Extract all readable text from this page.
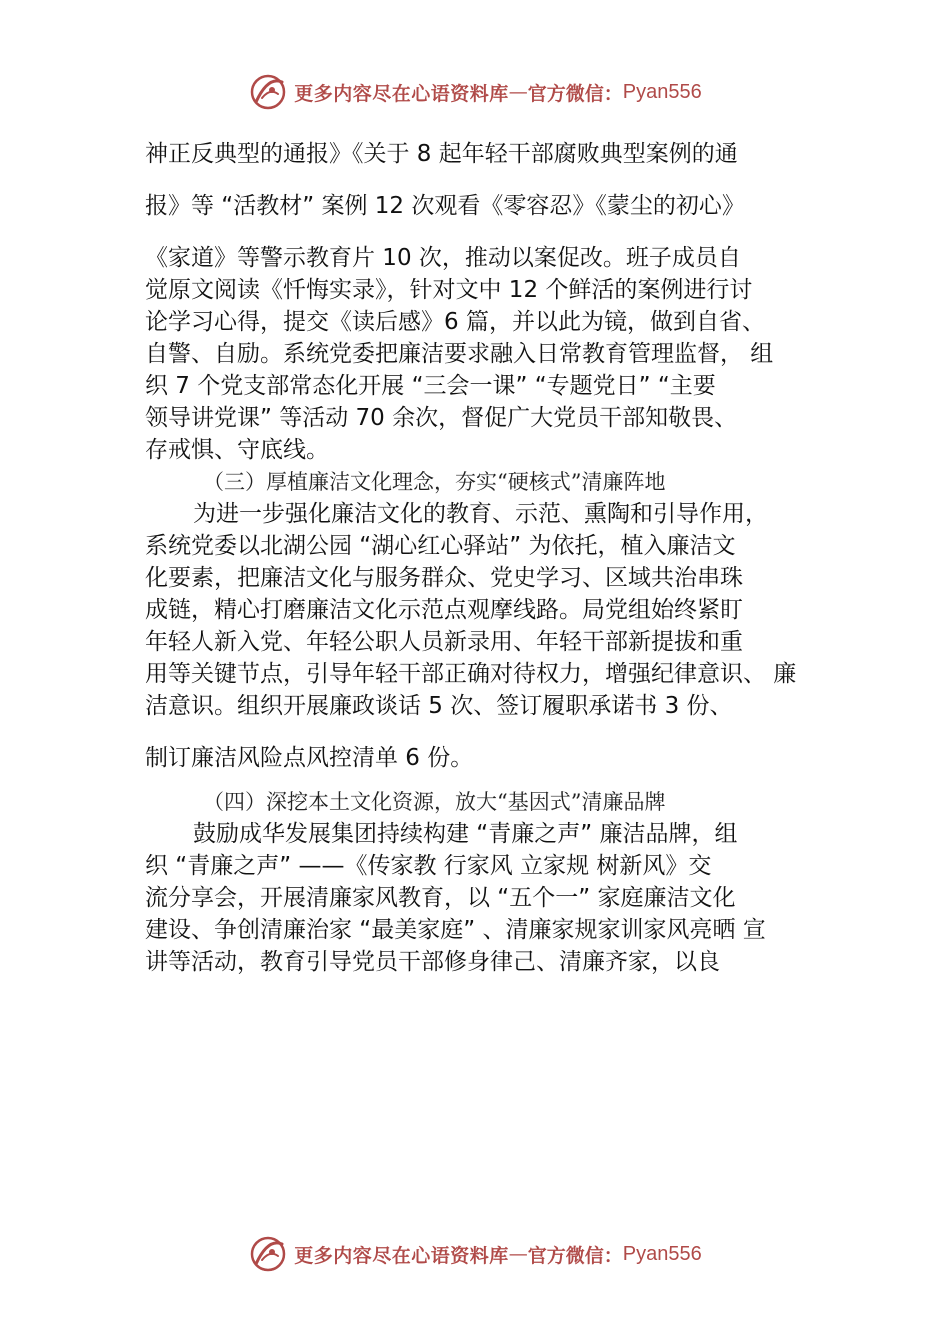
更多内容尽在心语资料库 — 官方微信： Pyan556
神正反典型的通报》《关于 8 起年轻干部腐败典型案例的通
报》等 “活教材” 案例 12 次观看《零容忍》《蒙尘的初心》
《家道》等警示教育片 10 次，推动以案促改。班子成员自
觉原文阅读《忏悔实录》，针对文中 12 个鲜活的案例进行讨
论学习心得，提交《读后感》6 篇，并以此为镜，做到自省、
自警、自励。系统党委把廉洁要求融入日常教育管理监督， 组
织 7 个党支部常态化开展 “三会一课” “专题党日” “主要
领导讲党课” 等活动 70 余次，督促广大党员干部知敬畏、
存戒惧、守底线。
（三）厚植廉洁文化理念，夯实“硬核式”清廉阵地
为进一步强化廉洁文化的教育、示范、熏陶和引导作用，
系统党委以北湖公园 “湖心红心驿站” 为依托，植入廉洁文
化要素，把廉洁文化与服务群众、党史学习、区域共治串珠
成链，精心打磨廉洁文化示范点观摩线路。局党组始终紧盯
年轻人新入党、年轻公职人员新录用、年轻干部新提拔和重
用等关键节点，引导年轻干部正确对待权力，增强纪律意识、 廉
洁意识。组织开展廉政谈话 5 次、签订履职承诺书 3 份、
制订廉洁风险点风控清单 6 份。
（四）深挖本土文化资源，放大“基因式”清廉品牌
鼓励成华发展集团持续构建 “青廉之声” 廉洁品牌，组
织 “青廉之声” ——《传家教 行家风 立家规 树新风》交
流分享会，开展清廉家风教育，以 “五个一” 家庭廉洁文化
建设、争创清廉治家 “最美家庭” 、清廉家规家训家风亮晒 宣
讲等活动，教育引导党员干部修身律己、清廉齐家，以良
更多内容尽在心语资料库 — 官方微信： Pyan556
